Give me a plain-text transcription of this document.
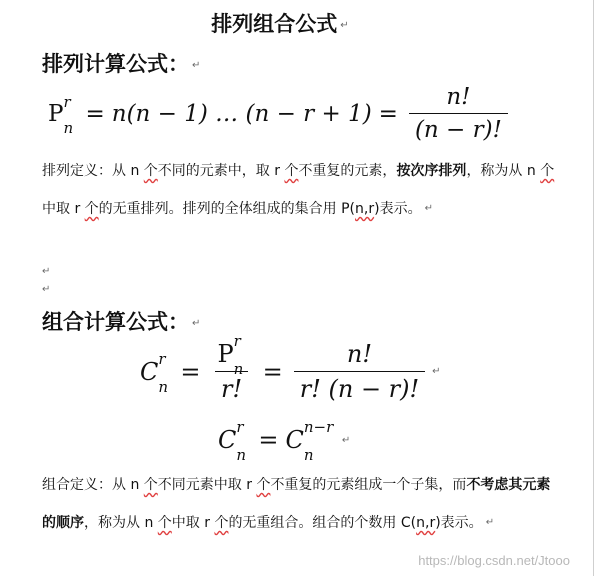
排列组合公式 ↵
排列计算公式： ↵
P r
n
= n(n − 1) … $(n - r + 1) = \frac{n!}{(n - r)!}$
排列定义：从 n 个不同的元素中，取 r 个不重复的元素，按次序排列，称为从 n 个中取 r 个的无重排列。排列的全体组成的集合用 P(n,r)表示。 ↵
↵
↵
组合计算公式： ↵
C r
n
= P r
n
r! = $\frac{n!}{r! (n - r)!}$ ↵
C r
n
= C n−r
n
↵
组合定义：从 n 个不同元素中取 r 个不重复的元素组成一个子集，而不考虑其元素的顺序，称为从 n 个中取 r 个的无重组合。组合的个数用 C(n,r)表示。 ↵
https://blog.csdn.net/Jtooo
